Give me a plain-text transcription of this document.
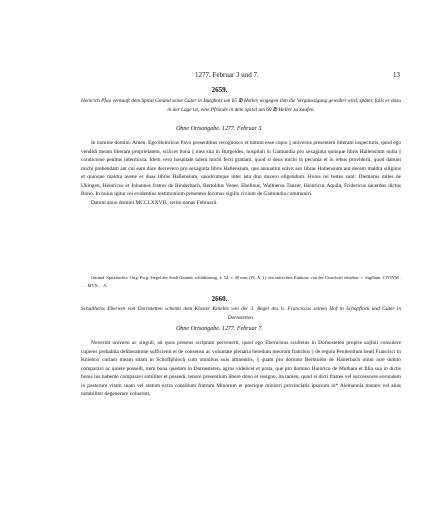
1277. Februar 3 und 7.	13
2659.
Heinrich Pfau verkauft dem Spital Gmünd seine Güter in Burgholz um 65 ℔ Heller, wogegen ihm die Vergünstigung gewährt wird, später, falls er dazu in der Lage ist, eine Pfründe in dem Spital um 60 ℔ Heller zu kaufen.
Ohne Ortsangabe. 1277. Februar 3.

In nomine domini. Amen. Ego Heinricus Pavo presentibus recognosco et notum esse cupio || universis presentem litteram inspecturis, quod ego vendidi meam liberam proprietatem, scilicet bona || mea sita in Burgeldes, hospitali in Gamundia pro sexaginta quinque libris Hallensium nulla || condicione penitus intermixta. Idem vero hospitale talem michi fecit gratiam, quod si deus michi in pecunia et in rebus providerit, quod dabunt michi prebendam aut cui eam dare decrevero pro sexaginta libris Hallensium, que annuatim solvit sex libras Hallensium aut decem maldra siliginis et quinque maldra avene et duas libras Hallensium, quodcumque inter ista duo duxero eligendum. Huius rei testes sunt: Diemarus miles de Ukingen, Heinricus et Johannes fratres de Rinderbach, Bertoldus Vener, Ebelinus, Waltherus Tanzer, Heinricus Aquila, Fridericus sacerdos dictus Rono. In huius igitur rei evidentius testimonium presentes fecimus sigillo civium de Gamundia communiri.

Datum anno domini MCCLXXVII., tertio nonas Februarii.

Gmünd. Spitalarchiv. Orig. Perg. Siegel der Stadt Gmünd, schildförmig, 4. 52, c. 49 mm, (IV. A. 1): ein aufrechtes Einhorn; von der Umschrift erhalten: + .Sigillum .CIVIVM . . . . MVN . . A.

2660.
Schultheiss Eberwin von Dornstetten schenkt dem Kloster Kniebis von der 3. Regel des h. Franciscus seinen Hof in Schopflock und Güter in Dornstetten.
Ohne Ortsangabe. 1277. Februar 7.

Noverint universi ac singuli, ad quos presens scriptum pervenerit, quod ego Eberwinus scultetus in Dornesteten proprie sa||luti consulere cupiens prehabita deliberatione sufficienti et de consensu ac voluntate plenaria heredum meorum fratribus || de regula Penitentium beati Francisci in Kniebox curiam meam sitam in Schoffphloch cum omnibus suis attinentiis, || quam pro domino Berhtoldo de Haiterbach omni iure dubito comparavi ac quiete possedi, item bona quedam in Dornesteten, agros videlicet et prata, que pro domino Hainrico de Mulhain et filia sua in dictis bonis ius habente comparavi similiter et possedi, tenore presentium libere dono et resigno, ita tamen, quod si dicti fratres vel successores eorundem in posterum vitam suam vel statum extra consilium fratrum Minorum et precique ministri provincialis ipsorum in* Alemannia mutare vel alias notabiliter degenerare voluerint,
